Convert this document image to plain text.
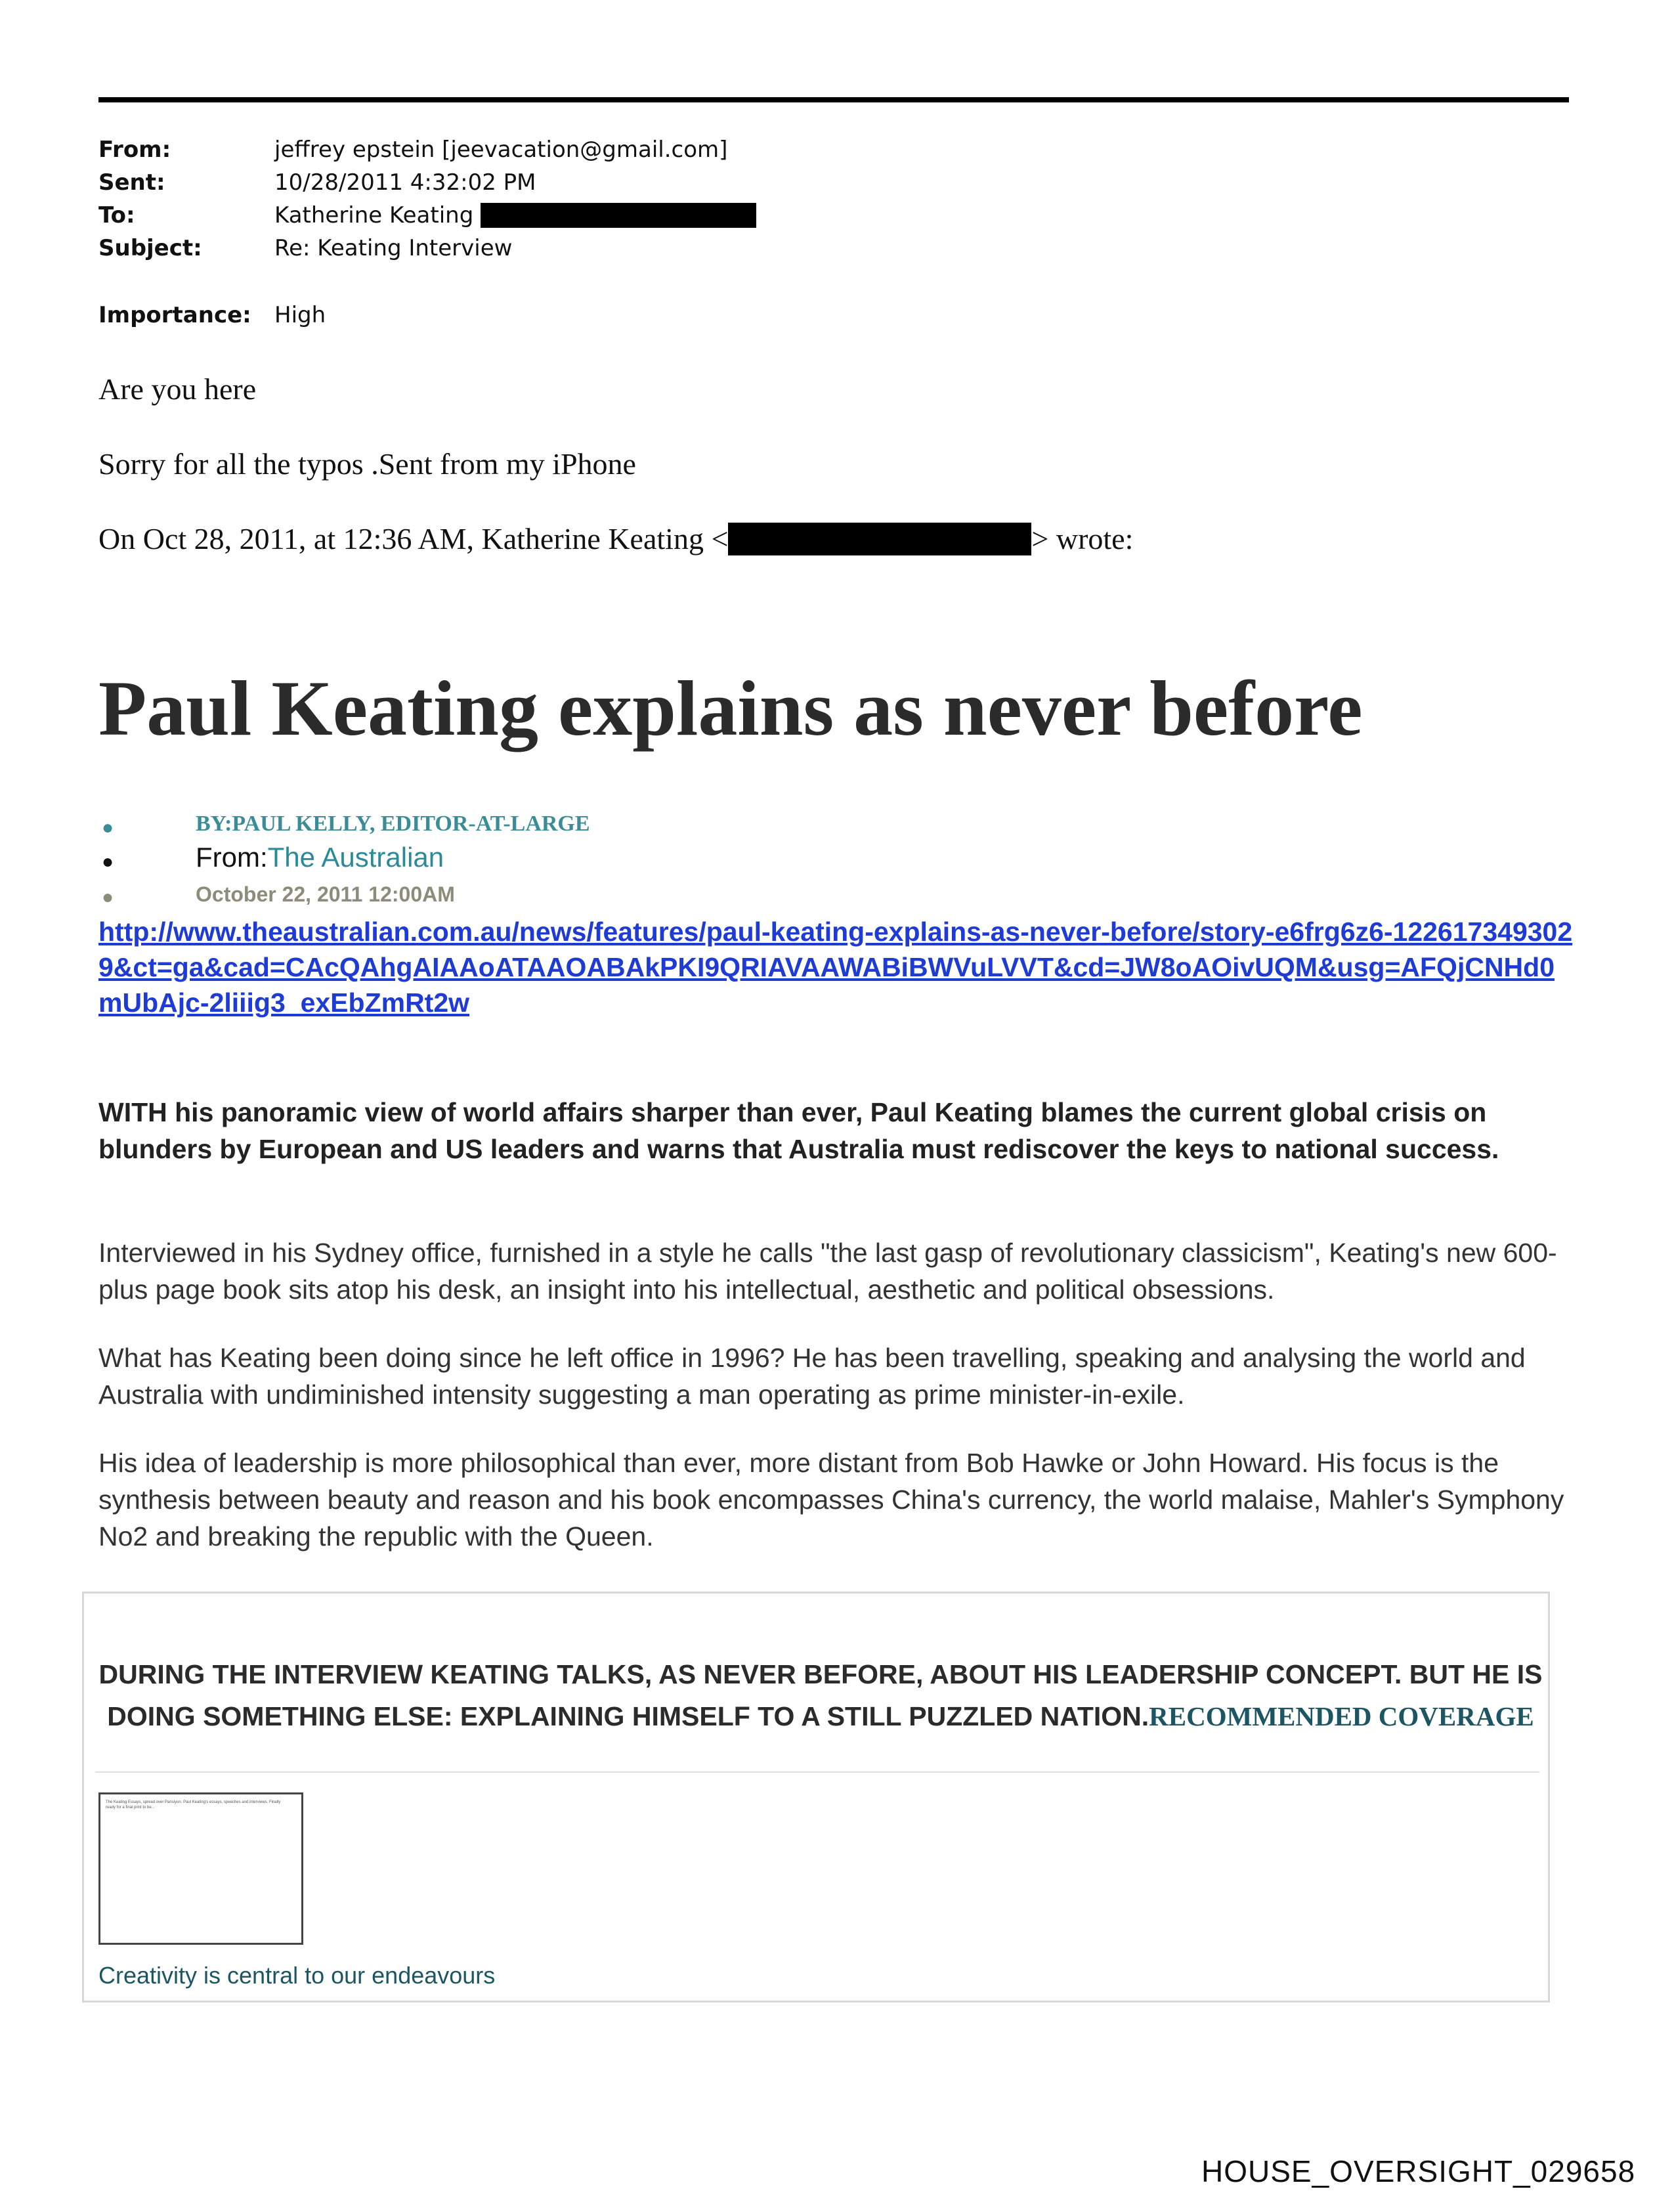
From:	jeffrey epstein [jeevacation@gmail.com]
Sent:	10/28/2011 4:32:02 PM
To:	Katherine Keating
Subject:	Re: Keating Interview
Importance: High
Are you here
Sorry for all the typos .Sent from my iPhone
On Oct 28, 2011, at 12:36 AM, Katherine Keating <	> wrote:
Paul Keating explains as never before
●	BY:PAUL KELLY, EDITOR-AT-LARGE
●	From:The Australian
●	October 22, 2011 12:00AM
http://www.theaustralian.com.au/news/features/paul-keating-explains-as-never-before/story-e6frg6z6-1226173493029&ct=ga&cad=CAcQAhgAIAAoATAAOABAkPKI9QRIAVAAWABiBWVuLVVT&cd=JW8oAOivUQM&usg=AFQjCNHd0mUbAjc-2liiig3_exEbZmRt2w
WITH his panoramic view of world affairs sharper than ever, Paul Keating blames the current global crisis on blunders by European and US leaders and warns that Australia must rediscover the keys to national success.
Interviewed in his Sydney office, furnished in a style he calls "the last gasp of revolutionary classicism", Keating's new 600-plus page book sits atop his desk, an insight into his intellectual, aesthetic and political obsessions.
What has Keating been doing since he left office in 1996? He has been travelling, speaking and analysing the world and Australia with undiminished intensity suggesting a man operating as prime minister-in-exile.
His idea of leadership is more philosophical than ever, more distant from Bob Hawke or John Howard. His focus is the synthesis between beauty and reason and his book encompasses China's currency, the world malaise, Mahler's Symphony No2 and breaking the republic with the Queen.
DURING THE INTERVIEW KEATING TALKS, AS NEVER BEFORE, ABOUT HIS LEADERSHIP CONCEPT. BUT HE IS DOING SOMETHING ELSE: EXPLAINING HIMSELF TO A STILL PUZZLED NATION.RECOMMENDED COVERAGE
The Keating Essays, spread over Pansiyon. Paul Keating's essays, speeches and interviews. Finally ready for a final print to be...
Creativity is central to our endeavours
HOUSE_OVERSIGHT_029658
